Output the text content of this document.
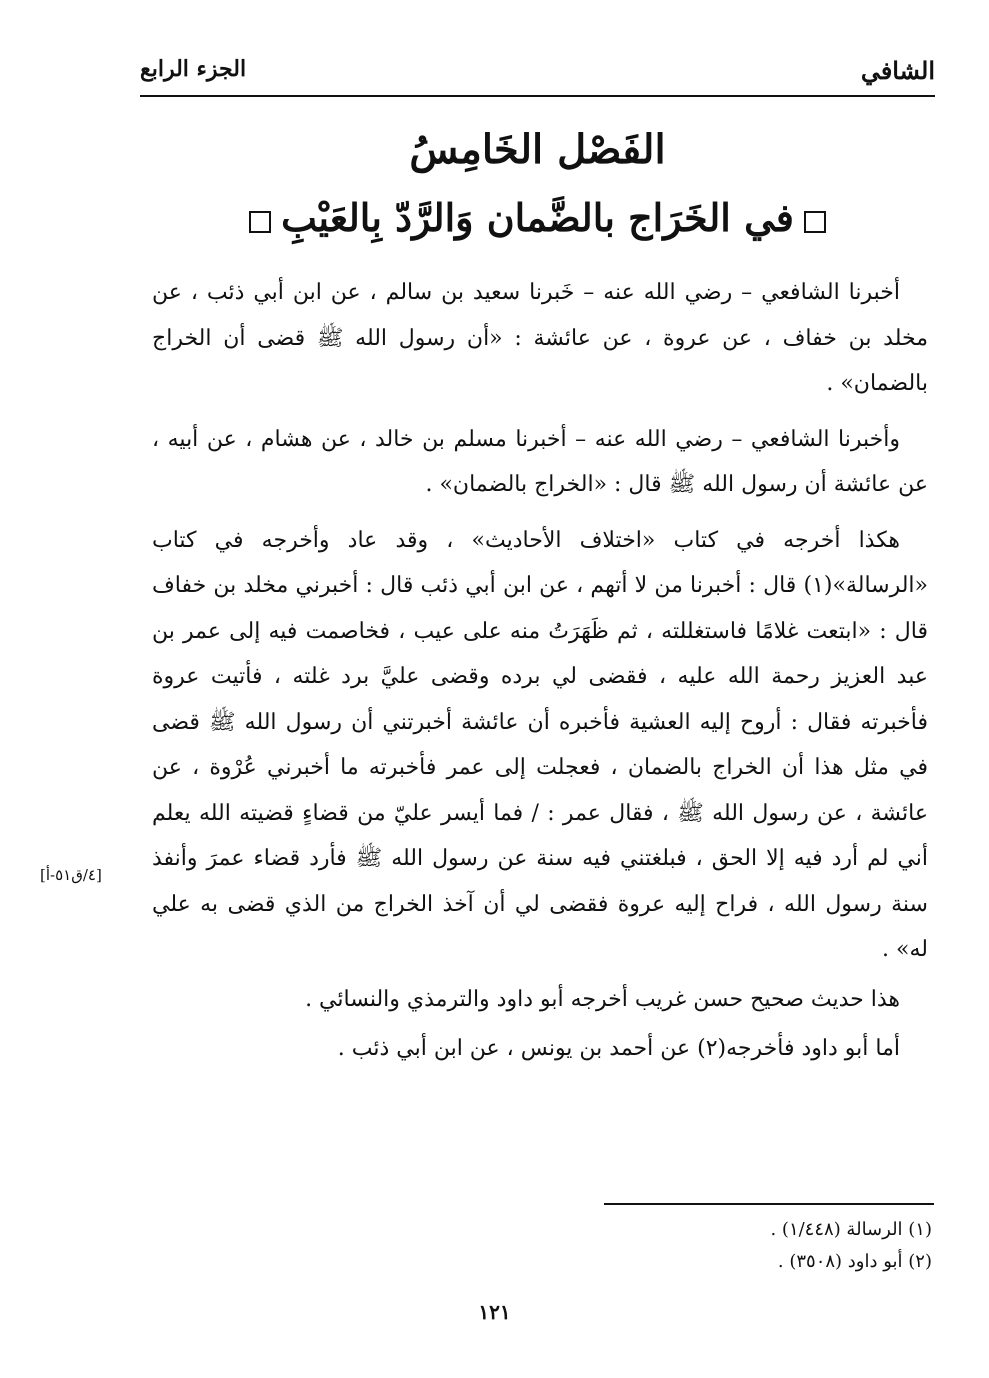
الشافي
الجزء الرابع
الفَصْل الخَامِسُ
في الخَرَاج بالضَّمان وَالرَّدّ بِالعَيْبِ

أخبرنا الشافعي – رضي الله عنه – خَبرنا سعيد بن سالم ، عن ابن أبي ذئب ، عن مخلد بن خفاف ، عن عروة ، عن عائشة : «أن رسول الله ﷺ قضى أن الخراج بالضمان» .

وأخبرنا الشافعي – رضي الله عنه – أخبرنا مسلم بن خالد ، عن هشام ، عن أبيه ، عن عائشة أن رسول الله ﷺ قال : «الخراج بالضمان» .

هكذا أخرجه في كتاب «اختلاف الأحاديث» ، وقد عاد وأخرجه في كتاب «الرسالة»(١) قال : أخبرنا من لا أتهم ، عن ابن أبي ذئب قال : أخبرني مخلد بن خفاف قال : «ابتعت غلامًا فاستغللته ، ثم ظَهَرَتُ منه على عيب ، فخاصمت فيه إلى عمر بن عبد العزيز رحمة الله عليه ، فقضى لي برده وقضى عليَّ برد غلته ، فأتيت عروة فأخبرته فقال : أروح إليه العشية فأخبره أن عائشة أخبرتني أن رسول الله ﷺ قضى في مثل هذا أن الخراج بالضمان ، فعجلت إلى عمر فأخبرته ما أخبرني عُرْوة ، عن عائشة ، عن رسول الله ﷺ ، فقال عمر : / فما أيسر عليّ من قضاءٍ قضيته الله يعلم أني لم أرد فيه إلا الحق ، فبلغتني فيه سنة عن رسول الله ﷺ فأرد قضاء عمرَ وأنفذ سنة رسول الله ، فراح إليه عروة فقضى لي أن آخذ الخراج من الذي قضى به علي له» .

هذا حديث صحيح حسن غريب أخرجه أبو داود والترمذي والنسائي .

أما أبو داود فأخرجه(٢) عن أحمد بن يونس ، عن ابن أبي ذئب .

[٤/ق٥١-أ]
(١) الرسالة (١/٤٤٨) .
(٢) أبو داود (٣٥٠٨) .
١٢١
